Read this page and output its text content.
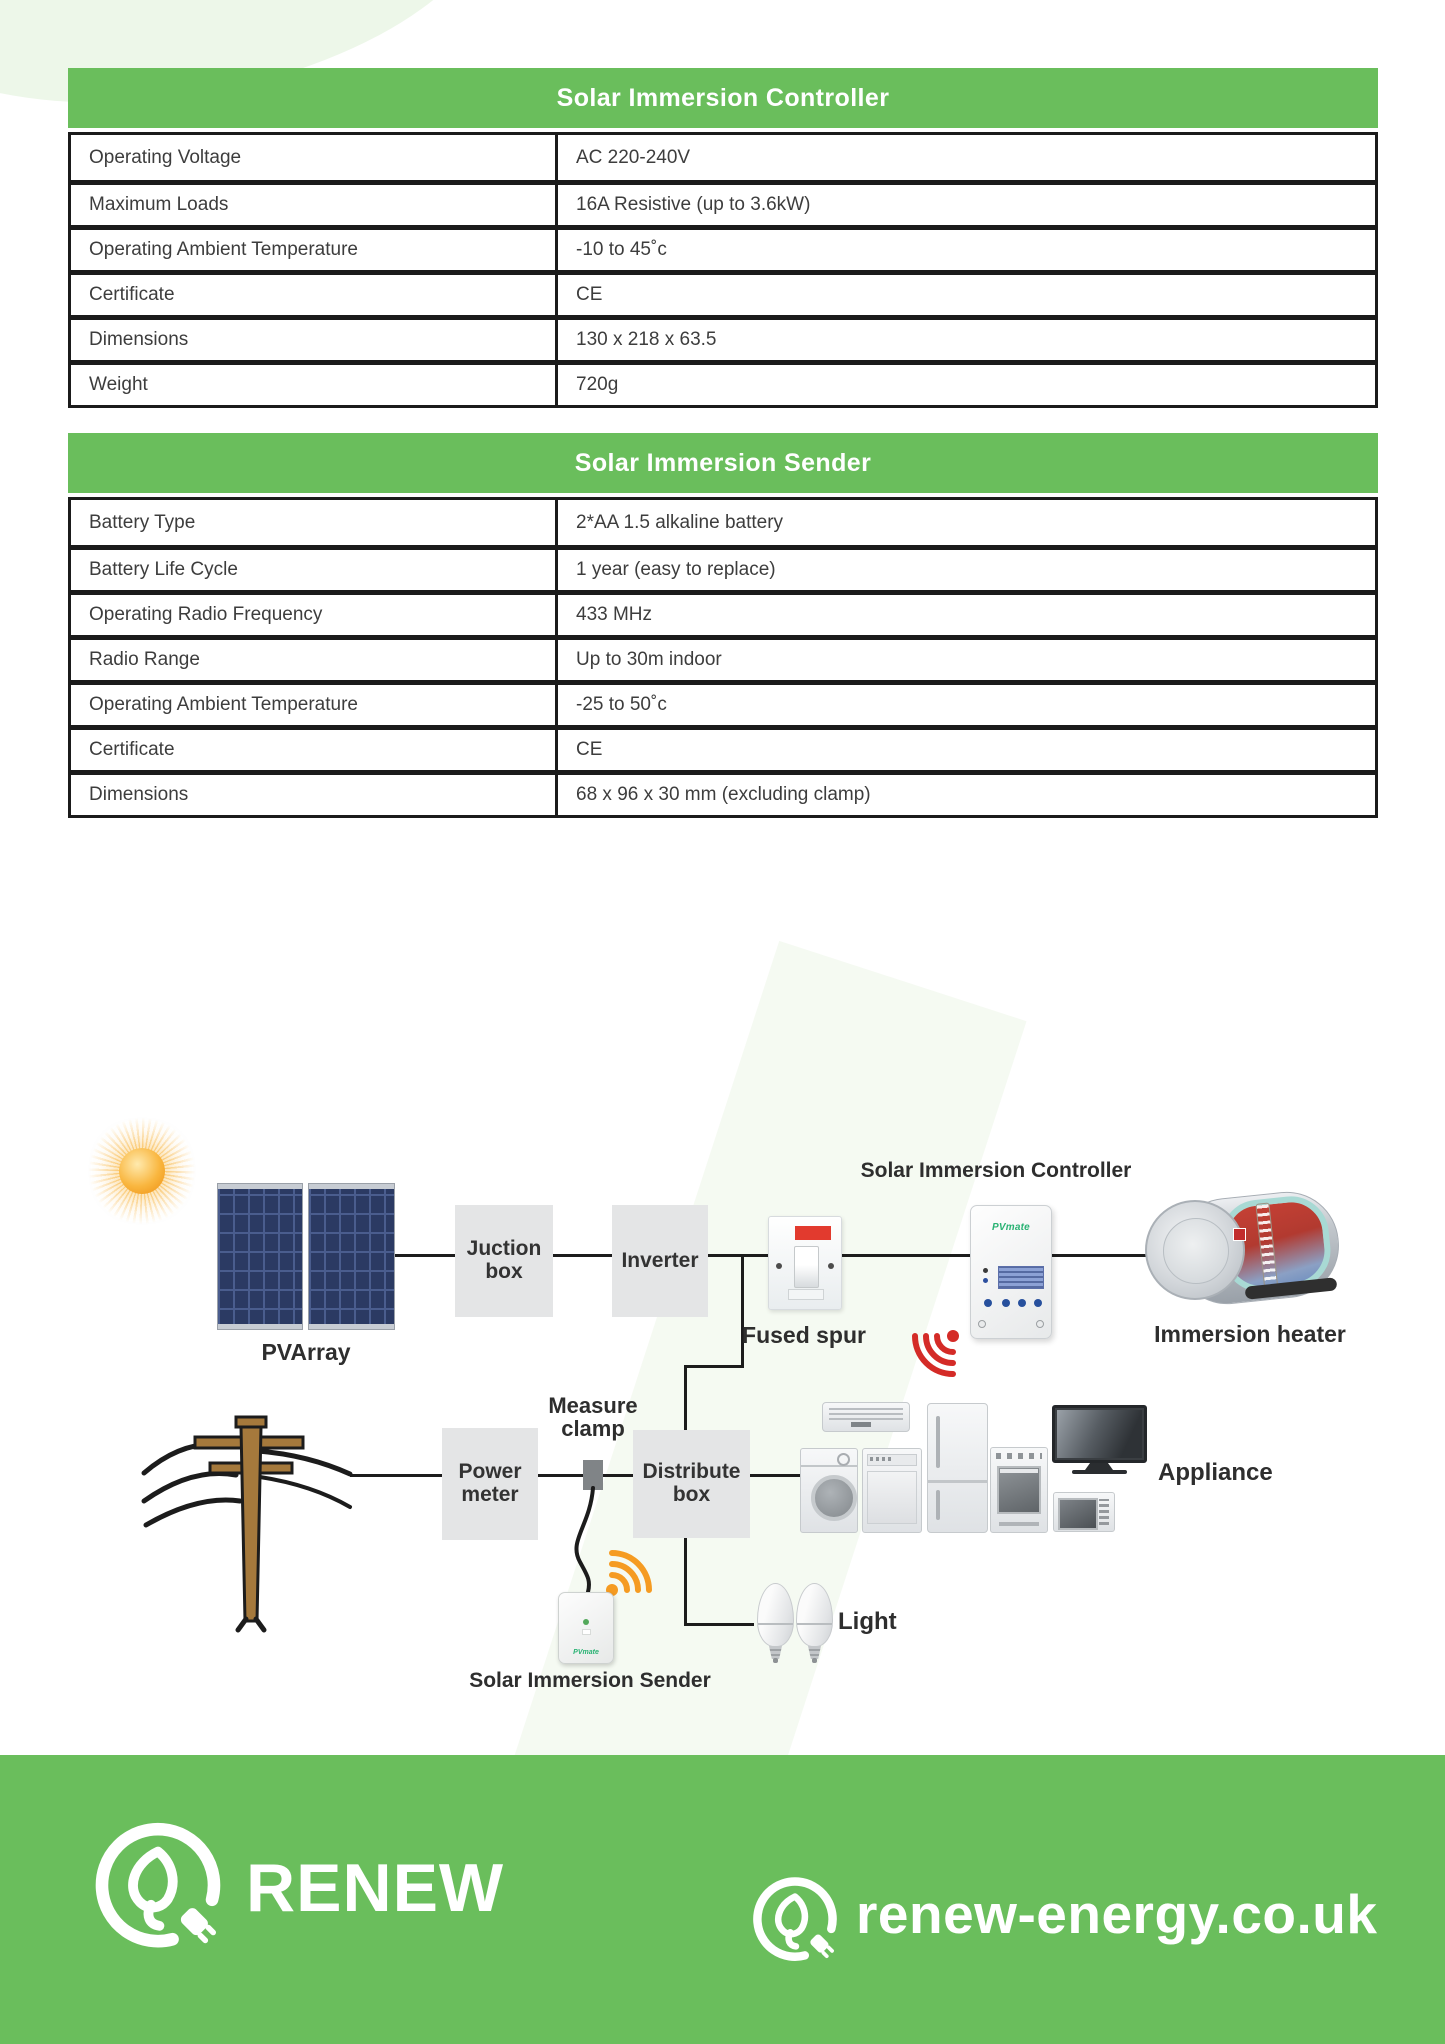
Solar Immersion Controller
Operating Voltage	AC 220-240V
Maximum Loads	16A Resistive (up to 3.6kW)
Operating Ambient Temperature	-10 to 45˚c
Certificate	CE
Dimensions	130 x 218 x 63.5
Weight	720g
Solar Immersion Sender
Battery Type	2*AA 1.5 alkaline battery
Battery Life Cycle	1 year (easy to replace)
Operating Radio Frequency	433 MHz
Radio Range	Up to 30m indoor
Operating Ambient Temperature	-25 to 50˚c
Certificate	CE
Dimensions	68 x 96 x 30 mm (excluding clamp)
PVArray
Juction box	Inverter
Fused spur
Solar Immersion Controller
PVmate
Immersion heater
Power meter
Measure clamp
Distribute box
PVmate
Solar Immersion Sender
Light
Appliance
RENEW	renew-energy.co.uk
